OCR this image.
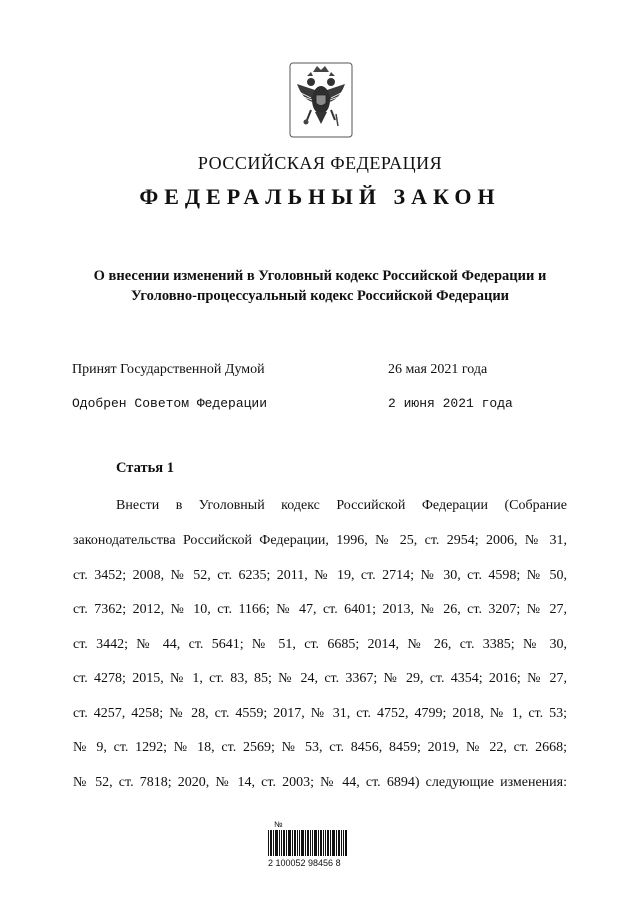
РОССИЙСКАЯ ФЕДЕРАЦИЯ
ФЕДЕРАЛЬНЫЙ ЗАКОН
О внесении изменений в Уголовный кодекс Российской Федерации и
Уголовно-процессуальный кодекс Российской Федерации
Принят Государственной Думой	26 мая 2021 года
Одобрен Советом Федерации	2 июня 2021 года
Статья 1
Внести в Уголовный кодекс Российской Федерации (Собрание
законодательства Российской Федерации, 1996, № 25, ст. 2954; 2006, № 31,
ст. 3452; 2008, № 52, ст. 6235; 2011, № 19, ст. 2714; № 30, ст. 4598; № 50,
ст. 7362; 2012, № 10, ст. 1166; № 47, ст. 6401; 2013, № 26, ст. 3207; № 27,
ст. 3442; № 44, ст. 5641; № 51, ст. 6685; 2014, № 26, ст. 3385; № 30,
ст. 4278; 2015, № 1, ст. 83, 85; № 24, ст. 3367; № 29, ст. 4354; 2016; № 27,
ст. 4257, 4258; № 28, ст. 4559; 2017, № 31, ст. 4752, 4799; 2018, № 1, ст. 53;
№ 9, ст. 1292; № 18, ст. 2569; № 53, ст. 8456, 8459; 2019, № 22, ст. 2668;
№ 52, ст. 7818; 2020, № 14, ст. 2003; № 44, ст. 6894) следующие изменения:
№
2 100052 98456 8
